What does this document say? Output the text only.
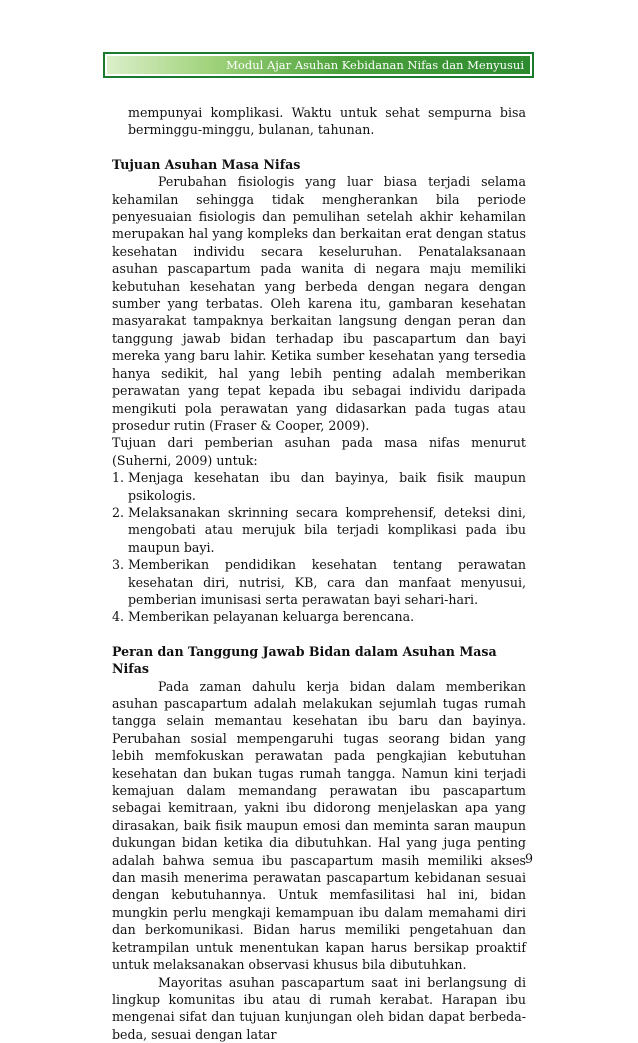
Modul Ajar Asuhan Kebidanan Nifas dan Menyusui

mempunyai komplikasi. Waktu untuk sehat sempurna bisa berminggu-minggu, bulanan, tahunan.

Tujuan Asuhan Masa Nifas

Perubahan fisiologis yang luar biasa terjadi selama kehamilan sehingga tidak mengherankan bila periode penyesuaian fisiologis dan pemulihan setelah akhir kehamilan merupakan hal yang kompleks dan berkaitan erat dengan status kesehatan individu secara keseluruhan. Penatalaksanaan asuhan pascapartum pada wanita di negara maju memiliki kebutuhan kesehatan yang berbeda dengan negara dengan sumber yang terbatas. Oleh karena itu, gambaran kesehatan masyarakat tampaknya berkaitan langsung dengan peran dan tanggung jawab bidan terhadap ibu pascapartum dan bayi mereka yang baru lahir. Ketika sumber kesehatan yang tersedia hanya sedikit, hal yang lebih penting adalah memberikan perawatan yang tepat kepada ibu sebagai individu daripada mengikuti pola perawatan yang didasarkan pada tugas atau prosedur rutin (Fraser & Cooper, 2009).

Tujuan dari pemberian asuhan pada masa nifas menurut (Suherni, 2009) untuk:

1. Menjaga kesehatan ibu dan bayinya, baik fisik maupun psikologis.
2. Melaksanakan skrinning secara komprehensif, deteksi dini, mengobati atau merujuk bila terjadi komplikasi pada ibu maupun bayi.
3. Memberikan pendidikan kesehatan tentang perawatan kesehatan diri, nutrisi, KB, cara dan manfaat menyusui, pemberian imunisasi serta perawatan bayi sehari-hari.
4. Memberikan pelayanan keluarga berencana.
Peran dan Tanggung Jawab Bidan dalam Asuhan Masa Nifas

Pada zaman dahulu kerja bidan dalam memberikan asuhan pascapartum adalah melakukan sejumlah tugas rumah tangga selain memantau kesehatan ibu baru dan bayinya. Perubahan sosial mempengaruhi tugas seorang bidan yang lebih memfokuskan perawatan pada pengkajian kebutuhan kesehatan dan bukan tugas rumah tangga. Namun kini terjadi kemajuan dalam memandang perawatan ibu pascapartum sebagai kemitraan, yakni ibu didorong menjelaskan apa yang dirasakan, baik fisik maupun emosi dan meminta saran maupun dukungan bidan ketika dia dibutuhkan. Hal yang juga penting adalah bahwa semua ibu pascapartum masih memiliki akses dan masih menerima perawatan pascapartum kebidanan sesuai dengan kebutuhannya. Untuk memfasilitasi hal ini, bidan mungkin perlu mengkaji kemampuan ibu dalam memahami diri dan berkomunikasi. Bidan harus memiliki pengetahuan dan ketrampilan untuk menentukan kapan harus bersikap proaktif untuk melaksanakan observasi khusus bila dibutuhkan.

Mayoritas asuhan pascapartum saat ini berlangsung di lingkup komunitas ibu atau di rumah kerabat. Harapan ibu mengenai sifat dan tujuan kunjungan oleh bidan dapat berbeda-beda, sesuai dengan latar

9
